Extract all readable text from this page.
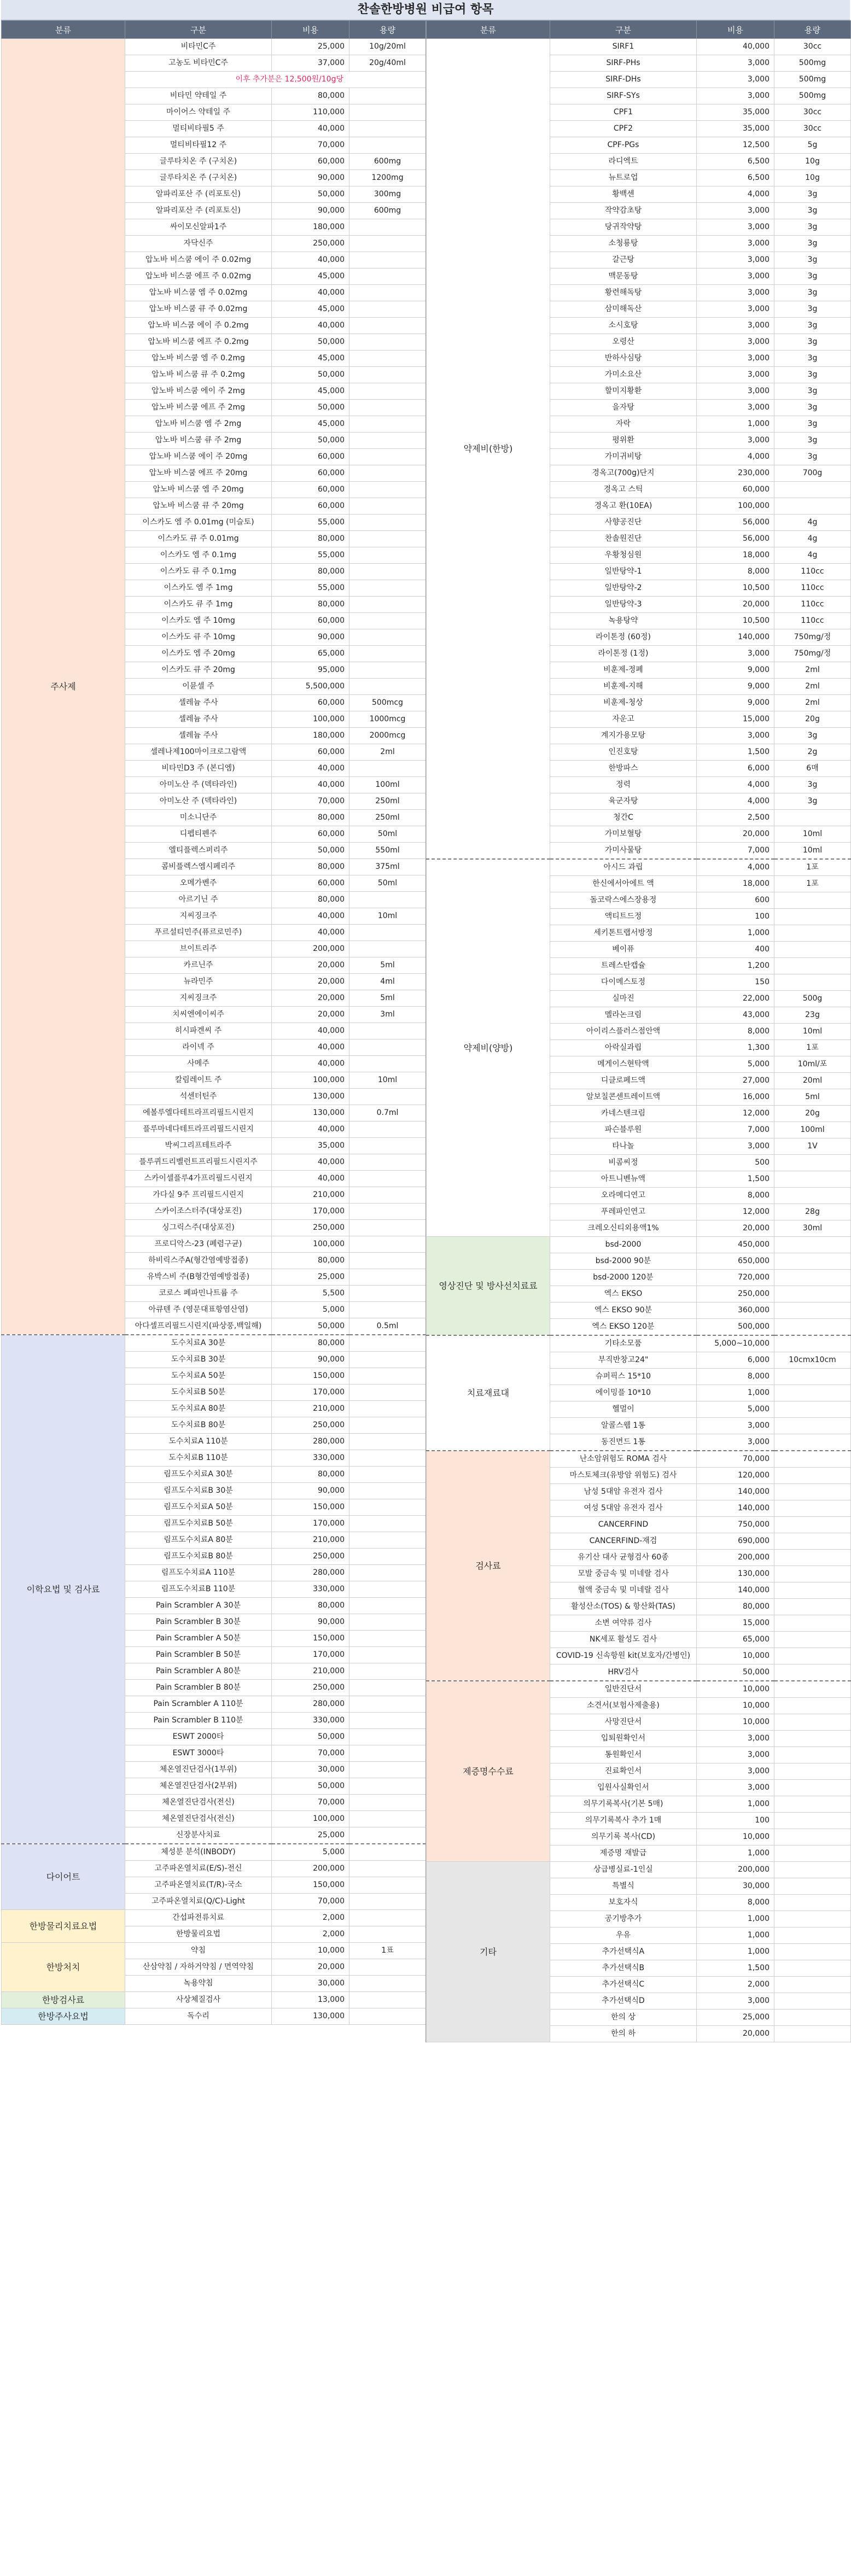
찬솔한방병원 비급여 항목
분류	구분	비용	용량
주사제	비타민C주	25,000	10g/20ml
	고농도 비타민C주	37,000	20g/40ml
	이후 추가분은 12,500원/10g당		
	비타민 약테일 주	80,000	
	마이어스 약테일 주	110,000	
	멀티비타필5 주	40,000	
	멀티비타필12 주	70,000	
	글루타치온 주 (구치온)	60,000	600mg
	글루타치온 주 (구치온)	90,000	1200mg
	알파리포산 주 (리포토신)	50,000	300mg
	알파리포산 주 (리포토신)	90,000	600mg
	싸이모신알파1주	180,000	
	자닥신주	250,000	
	압노바 비스쿰 에이 주 0.02mg	40,000	
	압노바 비스쿰 에프 주 0.02mg	45,000	
	압노바 비스쿰 엠 주 0.02mg	40,000	
	압노바 비스쿰 큐 주 0.02mg	45,000	
	압노바 비스쿰 에이 주 0.2mg	40,000	
	압노바 비스쿰 에프 주 0.2mg	50,000	
	압노바 비스쿰 엠 주 0.2mg	45,000	
	압노바 비스쿰 큐 주 0.2mg	50,000	
	압노바 비스쿰 에이 주 2mg	45,000	
	압노바 비스쿰 에프 주 2mg	50,000	
	압노바 비스쿰 엠 주 2mg	45,000	
	압노바 비스쿰 큐 주 2mg	50,000	
	압노바 비스쿰 에이 주 20mg	60,000	
	압노바 비스쿰 에프 주 20mg	60,000	
	압노바 비스쿰 엠 주 20mg	60,000	
	압노바 비스쿰 큐 주 20mg	60,000	
	이스카도 엠 주 0.01mg (미슬토)	55,000	
	이스카도 큐 주 0.01mg	80,000	
	이스카도 엠 주 0.1mg	55,000	
	이스카도 큐 주 0.1mg	80,000	
	이스카도 엠 주 1mg	55,000	
	이스카도 큐 주 1mg	80,000	
	이스카도 엠 주 10mg	60,000	
	이스카도 큐 주 10mg	90,000	
	이스카도 엠 주 20mg	65,000	
	이스카도 큐 주 20mg	95,000	
	이뮨셀 주	5,500,000	
	셀레늄 주사	60,000	500mcg
	셀레늄 주사	100,000	1000mcg
	셀레늄 주사	180,000	2000mcg
	셀레나제100마이크로그람액	60,000	2ml
	비타민D3 주 (본디엠)	40,000	
	아미노산 주 (덱타라인)	40,000	100ml
	아미노산 주 (덱타라인)	70,000	250ml
	미소니단주	80,000	250ml
	디펩티펜주	60,000	50ml
	엘티플렉스퍼리주	50,000	550ml
	콤비플렉스엠시페리주	80,000	375ml
	오메가벤주	60,000	50ml
	아르기닌 주	80,000	
	지씨징크주	40,000	10ml
	푸르설티민주(퓨르로민주)	40,000	
	브이트리주	200,000	
	카르닌주	20,000	5ml
	뉴라민주	20,000	4ml
	지씨징크주	20,000	5ml
	치씨엔에이씨주	20,000	3ml
	히시파겐씨 주	40,000	
	라이넥 주	40,000	
	사메주	40,000	
	칼림레이트 주	100,000	10ml
	석센터틴주	130,000	
	에볼루엘다테트라프리필드시린지	130,000	0.7ml
	플루마네다테트라프리필드시린지	40,000	
	박씨그리프테트라주	35,000	
	플루퀴드리벨런트프리필드시린지주	40,000	
	스카이셀플루4가프리필드시린지	40,000	
	가다실 9주 프리필드시린지	210,000	
	스카이조스터주(대상포진)	170,000	
	싱그릭스주(대상포진)	250,000	
	프로디악스-23 (폐렴구균)	100,000	
	하비릭스주A(형간염예방접종)	80,000	
	유박스비 주(B형간염예방접종)	25,000	
	코로스 페파민나트륨 주	5,500	
	아큐텐 주 (영문대표항염산염)	5,000	
	아다셀프리필드시린지(파상풍,백일해)	50,000	0.5ml
이학요법 및 검사료	도수치료A 30분	80,000	
	도수치료B 30분	90,000	
	도수치료A 50분	150,000	
	도수치료B 50분	170,000	
	도수치료A 80분	210,000	
	도수치료B 80분	250,000	
	도수치료A 110분	280,000	
	도수치료B 110분	330,000	
	림프도수치료A 30분	80,000	
	림프도수치료B 30분	90,000	
	림프도수치료A 50분	150,000	
	림프도수치료B 50분	170,000	
	림프도수치료A 80분	210,000	
	림프도수치료B 80분	250,000	
	림프도수치료A 110분	280,000	
	림프도수치료B 110분	330,000	
	Pain Scrambler A 30분	80,000	
	Pain Scrambler B 30분	90,000	
	Pain Scrambler A 50분	150,000	
	Pain Scrambler B 50분	170,000	
	Pain Scrambler A 80분	210,000	
	Pain Scrambler B 80분	250,000	
	Pain Scrambler A 110분	280,000	
	Pain Scrambler B 110분	330,000	
	ESWT 2000타	50,000	
	ESWT 3000타	70,000	
	체온열진단검사(1부위)	30,000	
	체온열진단검사(2부위)	50,000	
	체온열진단검사(전신)	70,000	
	체온열진단검사(전신)	100,000	
	신장분사치료	25,000	
다이어트	체성분 분석(INBODY)	5,000	
	고주파온열치료(E/S)-전신	200,000	
	고주파온열치료(T/R)-국소	150,000	
	고주파온열치료(Q/C)-Light	70,000	
한방물리치료요법	간섭파전류치료	2,000	
	한방물리요법	2,000	
한방처치	약침	10,000	1표
	산삼약침 / 자하거약침 / 면역약침	20,000	
	녹용약침	30,000	
한방검사료	사상체질검사	13,000	
한방주사요법	독수리	130,000	
분류	구분	비용	용량
약제비(한방)	SIRF1	40,000	30cc
	SIRF-PHs	3,000	500mg
	SIRF-DHs	3,000	500mg
	SIRF-SYs	3,000	500mg
	CPF1	35,000	30cc
	CPF2	35,000	30cc
	CPF-PGs	12,500	5g
	라디엑트	6,500	10g
	뉴트로업	6,500	10g
	황백센	4,000	3g
	작약감초탕	3,000	3g
	당귀작약탕	3,000	3g
	소청룡탕	3,000	3g
	갈근탕	3,000	3g
	맥문동탕	3,000	3g
	황련해독탕	3,000	3g
	삼미해독산	3,000	3g
	소시호탕	3,000	3g
	오령산	3,000	3g
	반하사심탕	3,000	3g
	가미소요산	3,000	3g
	할미지황환	3,000	3g
	을자탕	3,000	3g
	자락	1,000	3g
	평위환	3,000	3g
	가미귀비탕	4,000	3g
	경옥고(700g)단지	230,000	700g
	경옥고 스틱	60,000	
	경옥고 환(10EA)	100,000	
	사향공진단	56,000	4g
	찬솔원진단	56,000	4g
	우황청심원	18,000	4g
	일반탕약-1	8,000	110cc
	일반탕약-2	10,500	110cc
	일반탕약-3	20,000	110cc
	녹용탕약	10,500	110cc
	라이톤정 (60정)	140,000	750mg/정
	라이톤정 (1정)	3,000	750mg/정
	비훈제-정폐	9,000	2ml
	비훈제-지해	9,000	2ml
	비훈제-청상	9,000	2ml
	자운고	15,000	20g
	계지가용모탕	3,000	3g
	인진호탕	1,500	2g
	한방파스	6,000	6매
	정력	4,000	3g
	육군자탕	4,000	3g
	청간C	2,500	
	가미보혈탕	20,000	10ml
	가미사물탕	7,000	10ml
약제비(양방)	아시드 과립	4,000	1포
	한신에서아에트 액	18,000	1포
	돌코락스에스장용정	600	
	액티트드정	100	
	세키톤트랩서방정	1,000	
	베이퓨	400	
	트레스탄캡슐	1,200	
	다이메스토정	150	
	실마진	22,000	500g
	멜라논크림	43,000	23g
	아이리스플러스점안액	8,000	10ml
	아락실과립	1,300	1포
	메게이스현탁액	5,000	10ml/포
	디클로페드액	27,000	20ml
	알보칠콘센트레이트액	16,000	5ml
	카네스텐크림	12,000	20g
	파슨블루원	7,000	100ml
	타나놀	3,000	1V
	비콤씨정	500	
	아트니벤뉴액	1,500	
	오라메디연고	8,000	
	푸레파인연고	12,000	28g
	크레오신티외용액1%	20,000	30ml
영상진단 및 방사선치료료	bsd-2000	450,000	
	bsd-2000 90분	650,000	
	bsd-2000 120분	720,000	
	엑스 EKSO	250,000	
	엑스 EKSO 90분	360,000	
	엑스 EKSO 120분	500,000	
치료재료대	기타소모품	5,000~10,000	
	부직반창고24"	6,000	10cmx10cm
	슈퍼픽스 15*10	8,000	
	에이밍플 10*10	1,000	
	헬멀이	5,000	
	알콜스웹 1통	3,000	
	동진면드 1통	3,000	
검사료	난소암위험도 ROMA 검사	70,000	
	마스토체크(유방암 위험도) 검사	120,000	
	남성 5대암 유전자 검사	140,000	
	여성 5대암 유전자 검사	140,000	
	CANCERFIND	750,000	
	CANCERFIND-재검	690,000	
	유기산 대사 균형검사 60종	200,000	
	모발 중금속 및 미네랄 검사	130,000	
	혈액 중금속 및 미네랄 검사	140,000	
	활성산소(TOS) & 항산화(TAS)	80,000	
	소변 여약류 검사	15,000	
	NK세포 활성도 검사	65,000	
	COVID-19 신속항원 kit(보호자/간병인)	10,000	
	HRV검사	50,000	
제증명수수료	일반진단서	10,000	
	소견서(보험사제출용)	10,000	
	사망진단서	10,000	
	입퇴원확인서	3,000	
	통원확인서	3,000	
	진료확인서	3,000	
	입원사실확인서	3,000	
	의무기록복사(기본 5매)	1,000	
	의무기록복사 추가 1매	100	
	의무기록 복사(CD)	10,000	
	제증명 재발급	1,000	
기타	상급병실료-1인실	200,000	
	특별식	30,000	
	보호자식	8,000	
	공기방추가	1,000	
	우유	1,000	
	추가선택식A	1,000	
	추가선택식B	1,500	
	추가선택식C	2,000	
	추가선택식D	3,000	
	한의 상	25,000	
	한의 하	20,000	
